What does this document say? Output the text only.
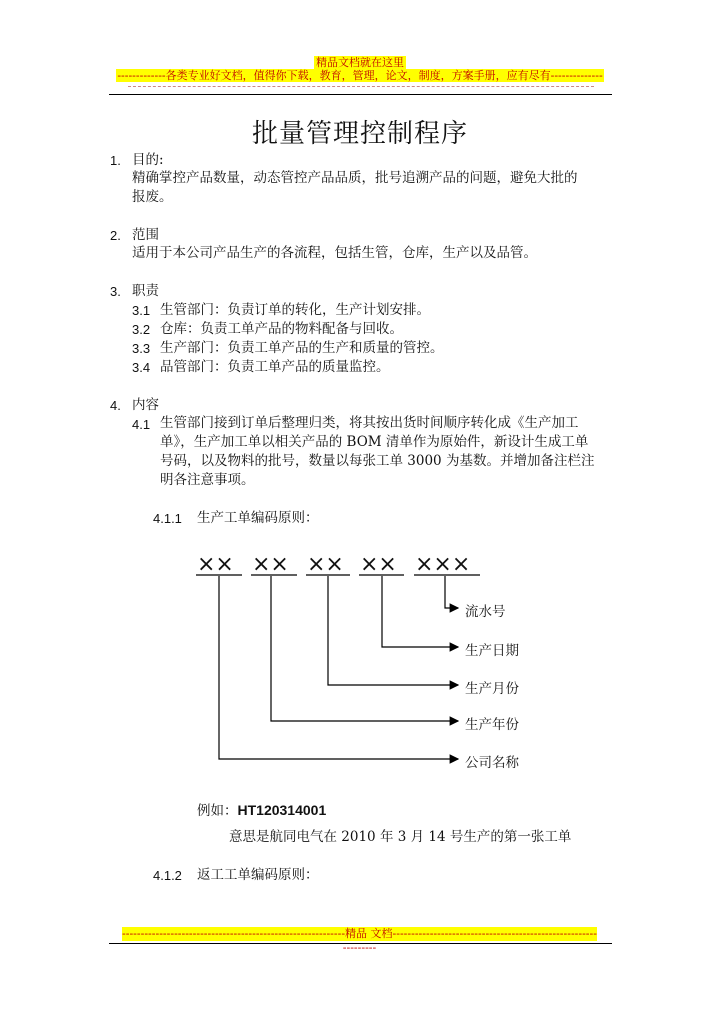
精品文档就在这里
-------------各类专业好文档，值得你下载，教育，管理，论文，制度，方案手册，应有尽有--------------
批量管理控制程序
1. 目的:
精确掌控产品数量，动态管控产品品质，批号追溯产品的问题，避免大批的
报废。
2. 范围
适用于本公司产品生产的各流程，包括生管，仓库，生产以及品管。
3. 职责
3.1 生管部门：负责订单的转化，生产计划安排。
3.2 仓库：负责工单产品的物料配备与回收。
3.3 生产部门：负责工单产品的生产和质量的管控。
3.4 品管部门：负责工单产品的质量监控。
4. 内容
4.1 生管部门接到订单后整理归类，将其按出货时间顺序转化成《生产加工
单》，生产加工单以相关产品的 BOM 清单作为原始件，新设计生成工单
号码，以及物料的批号，数量以每张工单 3000 为基数。并增加备注栏注
明各注意事项。
4.1.1 生产工单编码原则：
×× ×× ×× ×× ×××
流水号
生产日期
生产月份
生产年份
公司名称
例如：HT120314001
意思是航同电气在 2010 年 3 月 14 号生产的第一张工单
4.1.2 返工工单编码原则：
------------------------------------------------------------精品 文档----------------------------------------------------------------
